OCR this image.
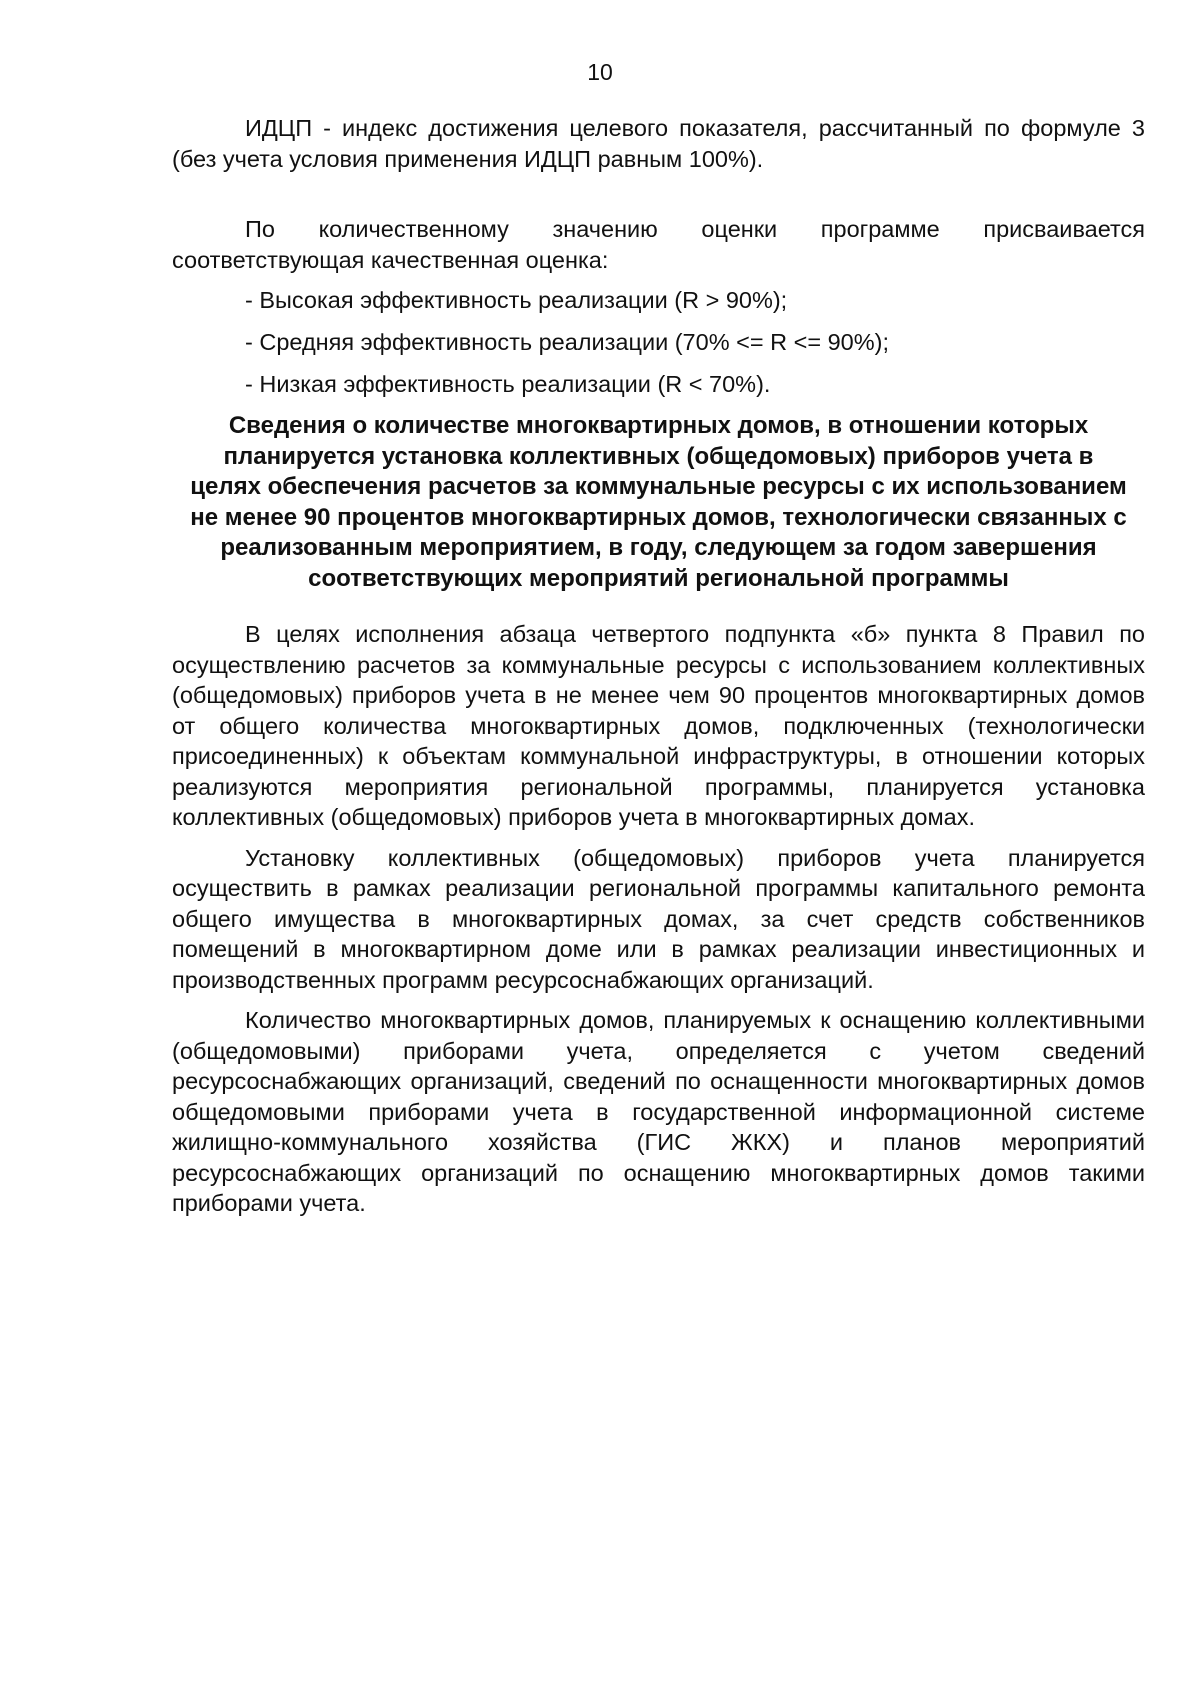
10

ИДЦП - индекс достижения целевого показателя, рассчитанный по формуле 3 (без учета условия применения ИДЦП равным 100%).

По количественному значению оценки программе присваивается соответствующая качественная оценка:

- Высокая эффективность реализации (R > 90%);
- Средняя эффективность реализации (70% <= R <= 90%);
- Низкая эффективность реализации (R < 70%).
Сведения о количестве многоквартирных домов, в отношении которых планируется установка коллективных (общедомовых) приборов учета в целях обеспечения расчетов за коммунальные ресурсы с их использованием не менее 90 процентов многоквартирных домов, технологически связанных с реализованным мероприятием, в году, следующем за годом завершения соответствующих мероприятий региональной программы

В целях исполнения абзаца четвертого подпункта «б» пункта 8 Правил по осуществлению расчетов за коммунальные ресурсы с использованием коллективных (общедомовых) приборов учета в не менее чем 90 процентов многоквартирных домов от общего количества многоквартирных домов, подключенных (технологически присоединенных) к объектам коммунальной инфраструктуры, в отношении которых реализуются мероприятия региональной программы, планируется установка коллективных (общедомовых) приборов учета в многоквартирных домах.

Установку коллективных (общедомовых) приборов учета планируется осуществить в рамках реализации региональной программы капитального ремонта общего имущества в многоквартирных домах, за счет средств собственников помещений в многоквартирном доме или в рамках реализации инвестиционных и производственных программ ресурсоснабжающих организаций.

Количество многоквартирных домов, планируемых к оснащению коллективными (общедомовыми) приборами учета, определяется с учетом сведений ресурсоснабжающих организаций, сведений по оснащенности многоквартирных домов общедомовыми приборами учета в государственной информационной системе жилищно-коммунального хозяйства (ГИС ЖКХ) и планов мероприятий ресурсоснабжающих организаций по оснащению многоквартирных домов такими приборами учета.
